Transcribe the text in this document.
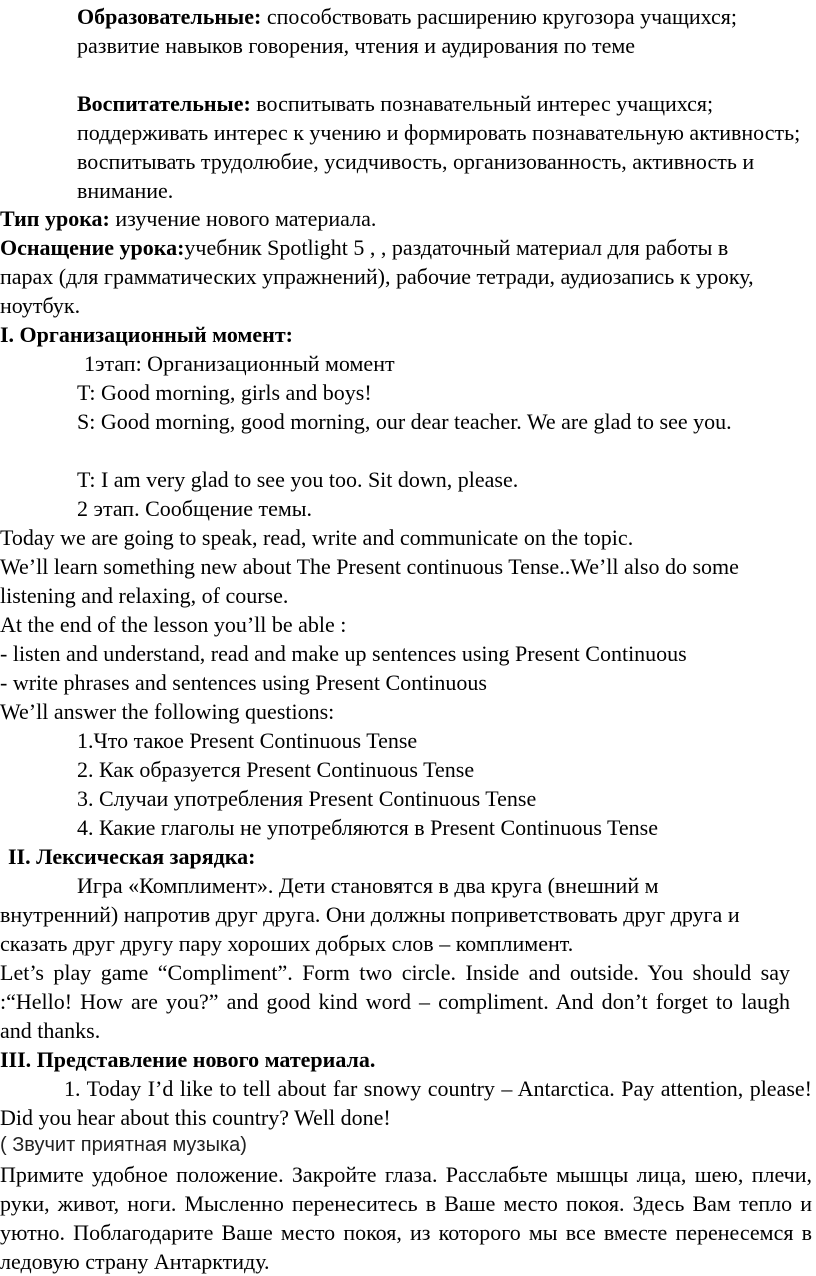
Образовательные: способствовать расширению кругозора учащихся; развитие навыков говорения, чтения и аудирования по теме
Воспитательные: воспитывать познавательный интерес учащихся; поддерживать интерес к учению и формировать познавательную активность; воспитывать трудолюбие, усидчивость, организованность, активность и внимание.
Тип урока: изучение нового материала.
Оснащение урока:учебник Spotlight 5 , , раздаточный материал для работы в парах (для грамматических упражнений), рабочие тетради, аудиозапись к уроку, ноутбук.
I. Организационный момент:
1этап: Организационный момент
T: Good morning, girls and boys!
S: Good morning, good morning, our dear teacher. We are glad to see you.
T: I am very glad to see you too. Sit down, please.
2 этап. Сообщение темы.
Today we are going to speak, read, write and communicate on the topic.
We’ll learn something new about The Present continuous Tense..We’ll also do some listening and relaxing, of course.
At the end of the lesson you’ll be able :
- listen and understand, read and make up sentences using Present Continuous
- write phrases and sentences using Present Continuous
We’ll answer the following questions:
1.Что такое Present Continuous Tense
2. Как образуется Present Continuous Tense
3. Случаи употребления Present Continuous Tense
4. Какие глаголы не употребляются в Present Continuous Tense
II. Лексическая зарядка:
Игра «Комплимент». Дети становятся в два круга (внешний м внутренний) напротив друг друга. Они должны поприветствовать друг друга и сказать друг другу пару хороших добрых слов – комплимент.
Let’s play game “Compliment”. Form two circle. Inside and outside. You should say :“Hello! How are you?” and good kind word – compliment. And don’t forget to laugh and thanks.
III. Представление нового материала.
1. Today I’d like to tell about far snowy country – Antarctica. Pay attention, please! Did you hear about this country? Well done!
( Звучит приятная музыка)
Примите удобное положение. Закройте глаза. Расслабьте мышцы лица, шею, плечи, руки, живот, ноги. Мысленно перенеситесь в Ваше место покоя. Здесь Вам тепло и уютно. Поблагодарите Ваше место покоя, из которого мы все вместе перенесемся в ледовую страну Антарктиду.
